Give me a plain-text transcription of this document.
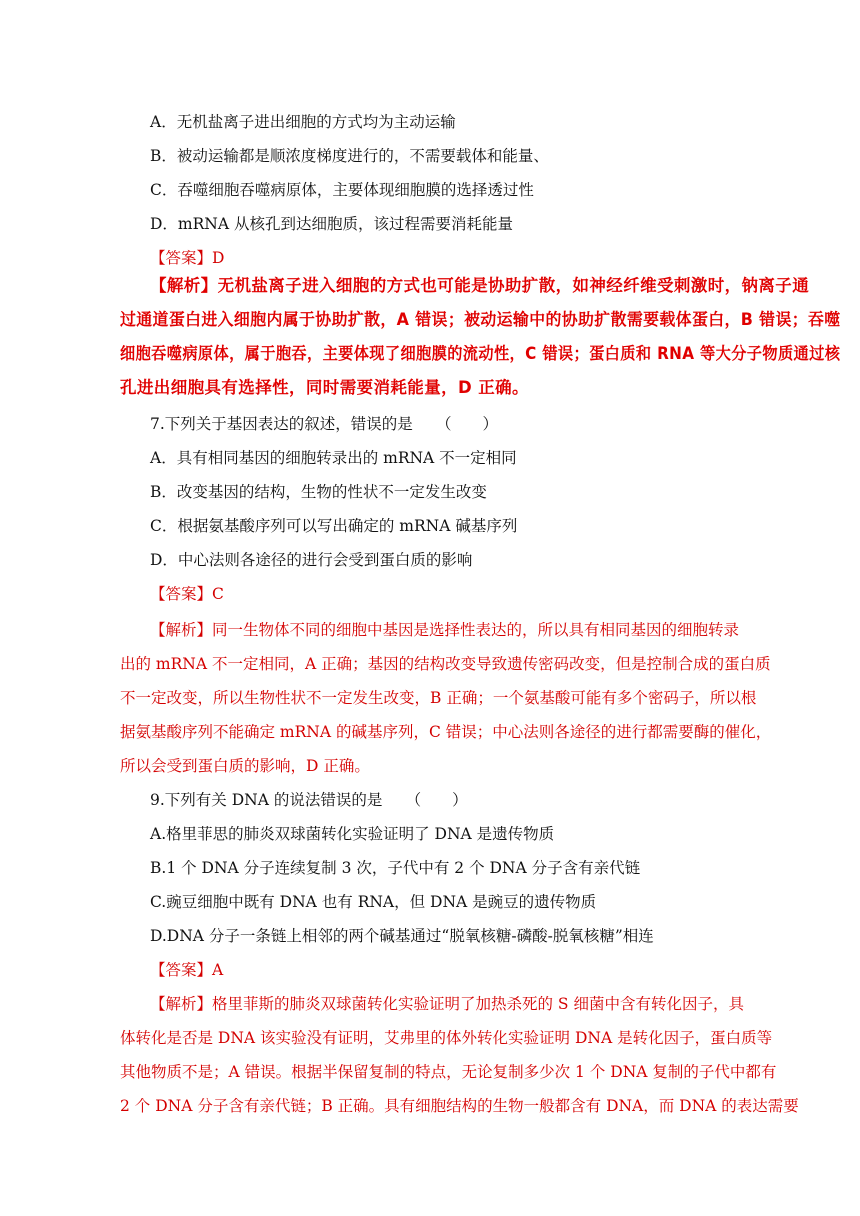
A．无机盐离子进出细胞的方式均为主动运输

B．被动运输都是顺浓度梯度进行的，不需要载体和能量、

C．吞噬细胞吞噬病原体，主要体现细胞膜的选择透过性

D．mRNA 从核孔到达细胞质，该过程需要消耗能量

【答案】D

【解析】无机盐离子进入细胞的方式也可能是协助扩散，如神经纤维受刺激时，钠离子通

过通道蛋白进入细胞内属于协助扩散，A 错误；被动运输中的协助扩散需要载体蛋白，B 错误；吞噬

细胞吞噬病原体，属于胞吞，主要体现了细胞膜的流动性，C 错误；蛋白质和 RNA 等大分子物质通过核

孔进出细胞具有选择性，同时需要消耗能量，D 正确。

7.下列关于基因表达的叙述，错误的是　　（　　）

A．具有相同基因的细胞转录出的 mRNA 不一定相同

B．改变基因的结构，生物的性状不一定发生改变

C．根据氨基酸序列可以写出确定的 mRNA 碱基序列

D．中心法则各途径的进行会受到蛋白质的影响

【答案】C

【解析】同一生物体不同的细胞中基因是选择性表达的，所以具有相同基因的细胞转录

出的 mRNA 不一定相同，A 正确；基因的结构改变导致遗传密码改变，但是控制合成的蛋白质

不一定改变，所以生物性状不一定发生改变，B 正确；一个氨基酸可能有多个密码子，所以根

据氨基酸序列不能确定 mRNA 的碱基序列，C 错误；中心法则各途径的进行都需要酶的催化，

所以会受到蛋白质的影响，D 正确。

9.下列有关 DNA 的说法错误的是　　（　　）

A.格里菲思的肺炎双球菌转化实验证明了 DNA 是遗传物质

B.1 个 DNA 分子连续复制 3 次，子代中有 2 个 DNA 分子含有亲代链

C.豌豆细胞中既有 DNA 也有 RNA，但 DNA 是豌豆的遗传物质

D.DNA 分子一条链上相邻的两个碱基通过“脱氧核糖-磷酸-脱氧核糖”相连

【答案】A

【解析】格里菲斯的肺炎双球菌转化实验证明了加热杀死的 S 细菌中含有转化因子，具

体转化是否是 DNA 该实验没有证明，艾弗里的体外转化实验证明 DNA 是转化因子，蛋白质等

其他物质不是；A 错误。根据半保留复制的特点，无论复制多少次 1 个 DNA 复制的子代中都有

2 个 DNA 分子含有亲代链；B 正确。具有细胞结构的生物一般都含有 DNA，而 DNA 的表达需要
